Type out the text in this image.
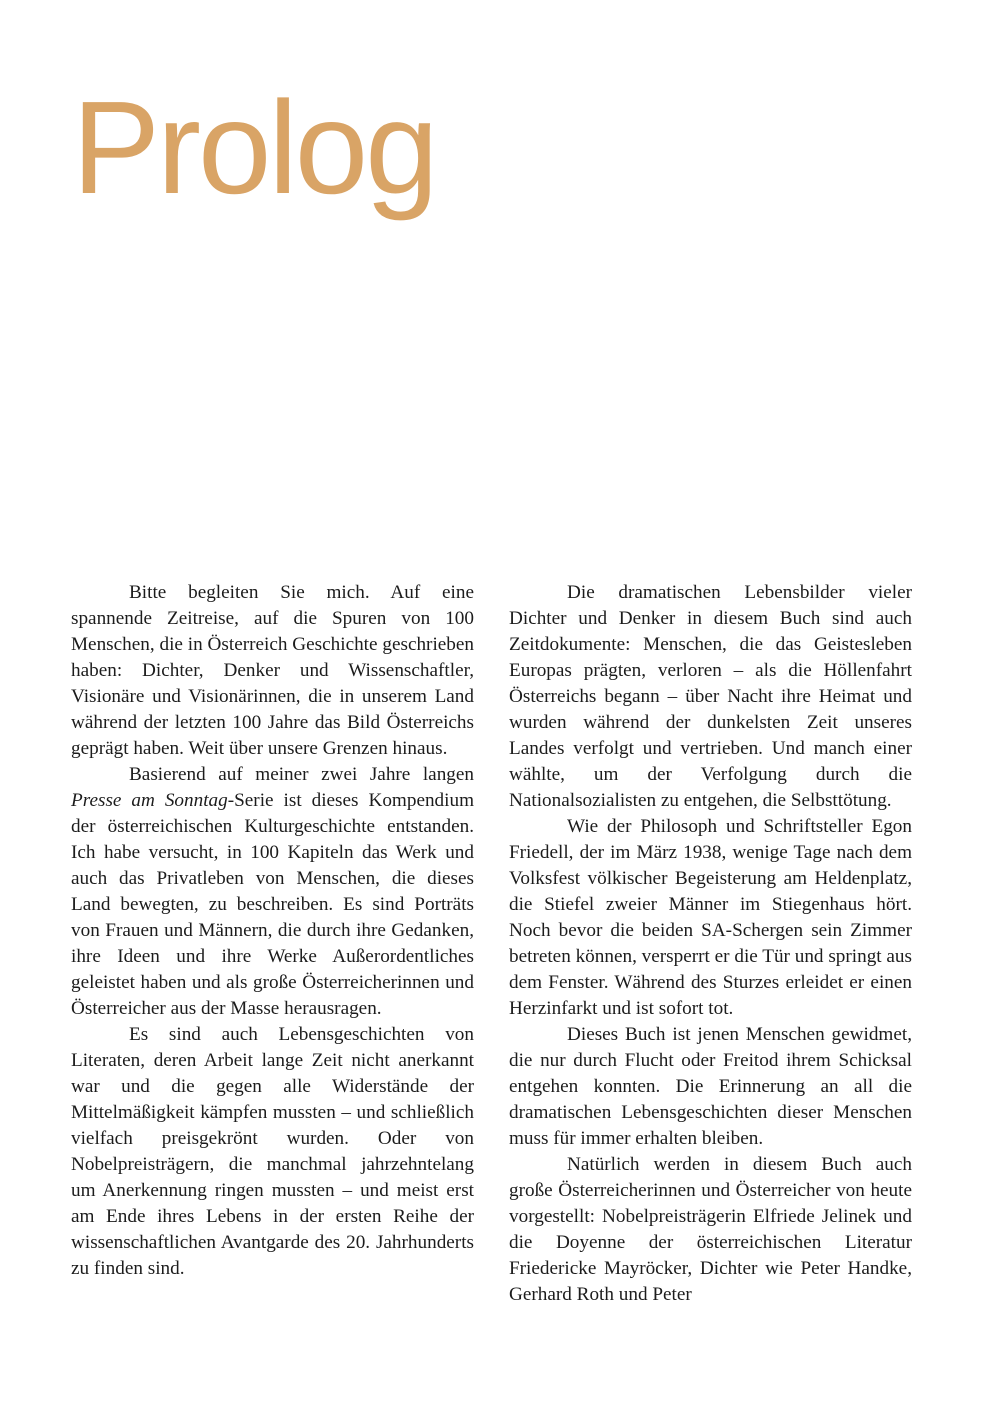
Prolog

Bitte begleiten Sie mich. Auf eine spannende Zeitreise, auf die Spuren von 100 Menschen, die in Österreich Geschichte geschrieben haben: Dichter, Denker und Wissenschaftler, Visionäre und Visionärinnen, die in unserem Land während der letzten 100 Jahre das Bild Österreichs geprägt haben. Weit über unsere Grenzen hinaus.

Basierend auf meiner zwei Jahre langen Presse am Sonntag-Serie ist dieses Kompendium der österreichischen Kulturgeschichte entstanden. Ich habe versucht, in 100 Kapiteln das Werk und auch das Privatleben von Menschen, die dieses Land bewegten, zu beschreiben. Es sind Porträts von Frauen und Männern, die durch ihre Gedanken, ihre Ideen und ihre Werke Außerordentliches geleistet haben und als große Österreicherinnen und Österreicher aus der Masse herausragen.

Es sind auch Lebensgeschichten von Literaten, deren Arbeit lange Zeit nicht anerkannt war und die gegen alle Widerstände der Mittelmäßigkeit kämpfen mussten – und schließlich vielfach preisgekrönt wurden. Oder von Nobelpreisträgern, die manchmal jahrzehntelang um Anerkennung ringen mussten – und meist erst am Ende ihres Lebens in der ersten Reihe der wissenschaftlichen Avantgarde des 20. Jahrhunderts zu finden sind.

Die dramatischen Lebensbilder vieler Dichter und Denker in diesem Buch sind auch Zeitdokumente: Menschen, die das Geistesleben Europas prägten, verloren – als die Höllenfahrt Österreichs begann – über Nacht ihre Heimat und wurden während der dunkelsten Zeit unseres Landes verfolgt und vertrieben. Und manch einer wählte, um der Verfolgung durch die Nationalsozialisten zu entgehen, die Selbsttötung.

Wie der Philosoph und Schriftsteller Egon Friedell, der im März 1938, wenige Tage nach dem Volksfest völkischer Begeisterung am Heldenplatz, die Stiefel zweier Männer im Stiegenhaus hört. Noch bevor die beiden SA-Schergen sein Zimmer betreten können, versperrt er die Tür und springt aus dem Fenster. Während des Sturzes erleidet er einen Herzinfarkt und ist sofort tot.

Dieses Buch ist jenen Menschen gewidmet, die nur durch Flucht oder Freitod ihrem Schicksal entgehen konnten. Die Erinnerung an all die dramatischen Lebensgeschichten dieser Menschen muss für immer erhalten bleiben.

Natürlich werden in diesem Buch auch große Österreicherinnen und Österreicher von heute vorgestellt: Nobelpreisträgerin Elfriede Jelinek und die Doyenne der österreichischen Literatur Friedericke Mayröcker, Dichter wie Peter Handke, Gerhard Roth und Peter
